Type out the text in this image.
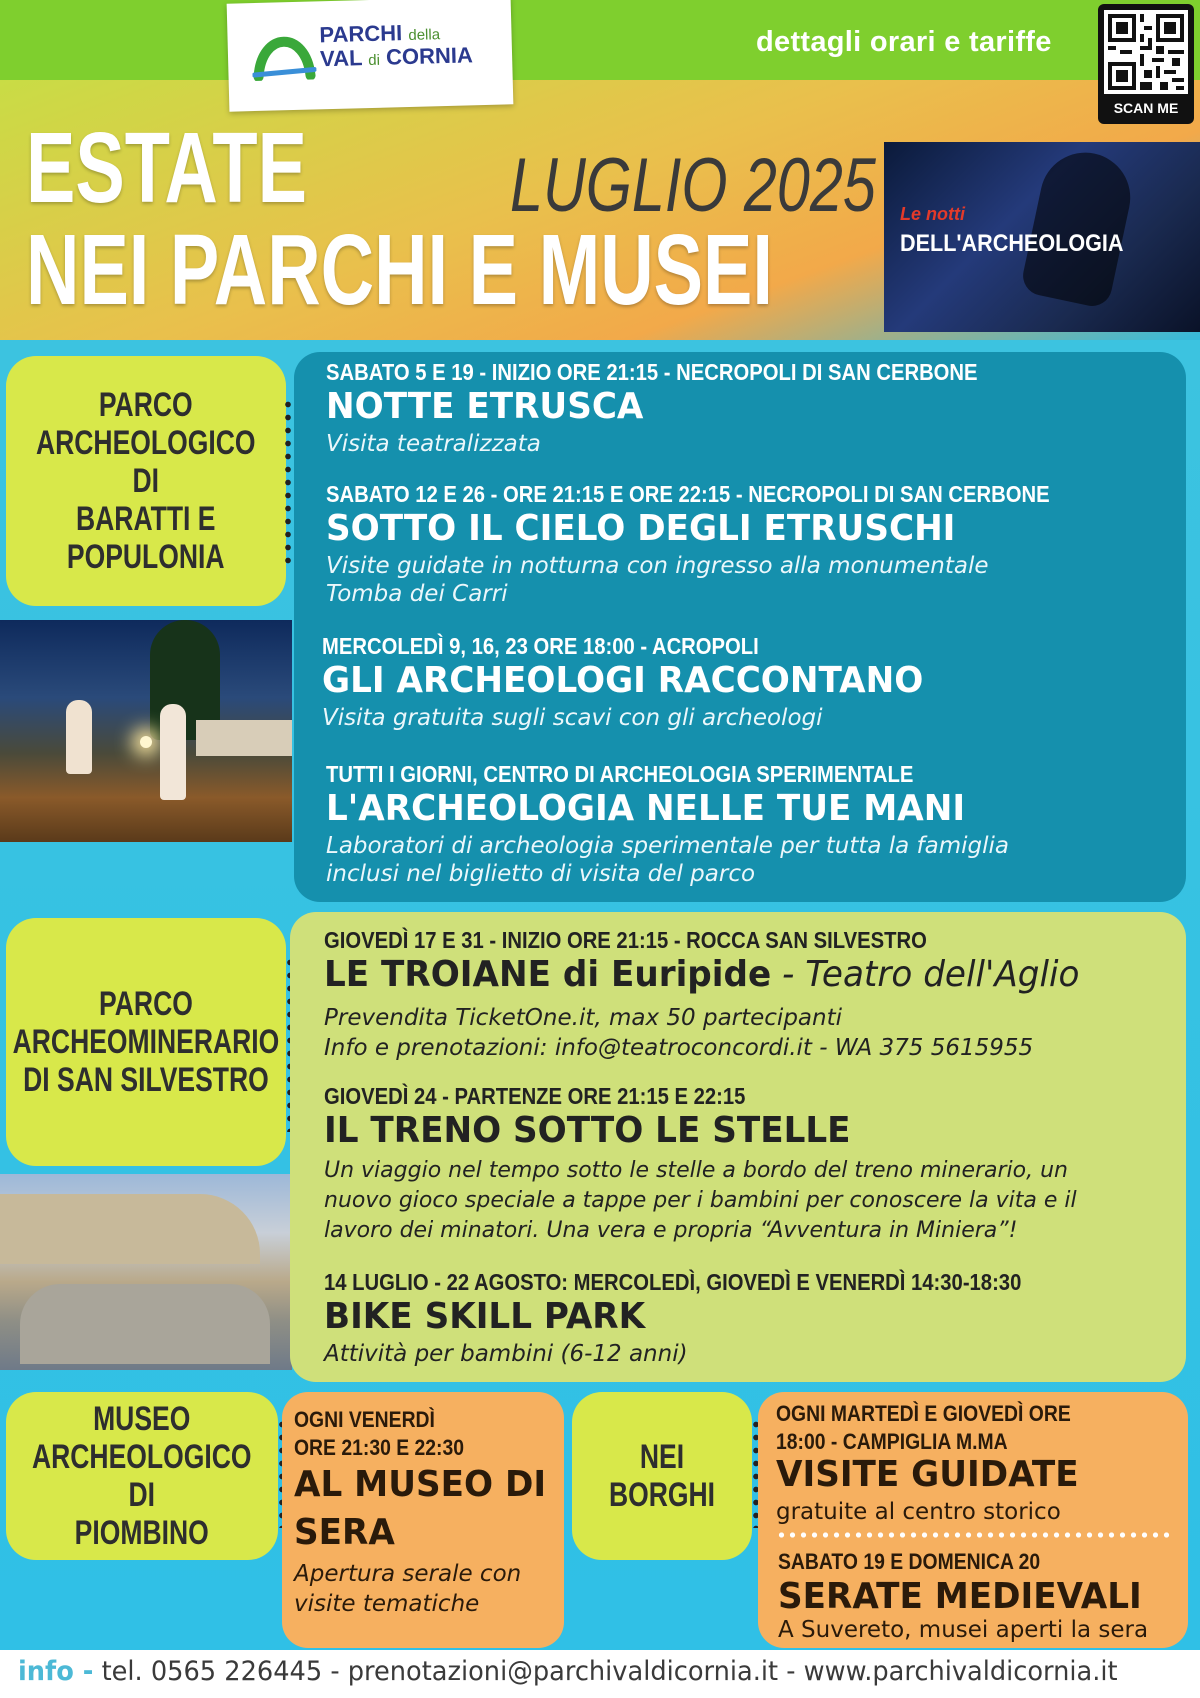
PARCHI della
VAL di CORNIA	dettagli orari e tariffe
SCAN ME
ESTATE
NEI PARCHI E MUSEI
LUGLIO 2025 Le notti
DELL'ARCHEOLOGIA
PARCO
ARCHEOLOGICO DI
BARATTI E
POPULONIA
SABATO 5 E 19 - INIZIO ORE 21:15 - NECROPOLI DI SAN CERBONE
NOTTE ETRUSCA
Visita teatralizzata
SABATO 12 E 26 - ORE 21:15 E ORE 22:15 - NECROPOLI DI SAN CERBONE
SOTTO IL CIELO DEGLI ETRUSCHI
Visite guidate in notturna con ingresso alla monumentale
Tomba dei Carri
MERCOLEDÌ 9, 16, 23 ORE 18:00 - ACROPOLI
GLI ARCHEOLOGI RACCONTANO
Visita gratuita sugli scavi con gli archeologi
TUTTI I GIORNI, CENTRO DI ARCHEOLOGIA SPERIMENTALE
L'ARCHEOLOGIA NELLE TUE MANI
Laboratori di archeologia sperimentale per tutta la famiglia
inclusi nel biglietto di visita del parco
PARCO
ARCHEOMINERARIO
DI SAN SILVESTRO
GIOVEDÌ 17 E 31 - INIZIO ORE 21:15 - ROCCA SAN SILVESTRO
LE TROIANE di Euripide - Teatro dell'Aglio
Prevendita TicketOne.it, max 50 partecipanti
Info e prenotazioni: info@teatroconcordi.it - WA 375 5615955
GIOVEDÌ 24 - PARTENZE ORE 21:15 E 22:15
IL TRENO SOTTO LE STELLE
Un viaggio nel tempo sotto le stelle a bordo del treno minerario, un
nuovo gioco speciale a tappe per i bambini per conoscere la vita e il
lavoro dei minatori. Una vera e propria “Avventura in Miniera”!
14 LUGLIO - 22 AGOSTO: MERCOLEDÌ, GIOVEDÌ E VENERDÌ 14:30-18:30
BIKE SKILL PARK
Attività per bambini (6-12 anni)
MUSEO
ARCHEOLOGICO DI
PIOMBINO
OGNI VENERDÌ
ORE 21:30 E 22:30
AL MUSEO DI
SERA
Apertura serale con
visite tematiche
NEI BORGHI
OGNI MARTEDÌ E GIOVEDÌ ORE
18:00 - CAMPIGLIA M.MA
VISITE GUIDATE
gratuite al centro storico
SABATO 19 E DOMENICA 20
SERATE MEDIEVALI
A Suvereto, musei aperti la sera
info - tel. 0565 226445 - prenotazioni@parchivaldicornia.it - www.parchivaldicornia.it
